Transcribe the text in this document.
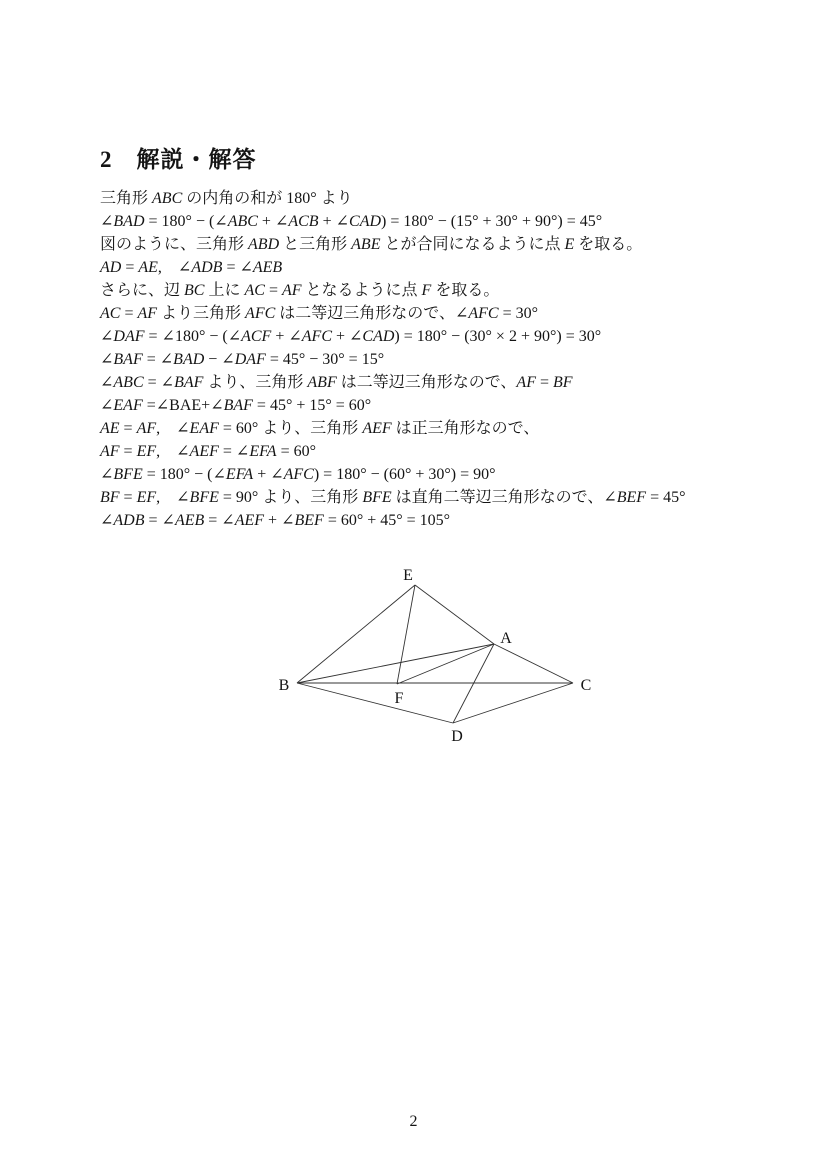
2 解説・解答
三角形 ABC の内角の和が 180° より
∠BAD = 180° − (∠ABC + ∠ACB + ∠CAD) = 180° − (15° + 30° + 90°) = 45°
図のように、三角形 ABD と三角形 ABE とが合同になるように点 E を取る。
AD = AE,　∠ADB = ∠AEB
さらに、辺 BC 上に AC = AF となるように点 F を取る。
AC = AF より三角形 AFC は二等辺三角形なので、∠AFC = 30°
∠DAF = ∠180° − (∠ACF + ∠AFC + ∠CAD) = 180° − (30° × 2 + 90°) = 30°
∠BAF = ∠BAD − ∠DAF = 45° − 30° = 15°
∠ABC = ∠BAF より、三角形 ABF は二等辺三角形なので、AF = BF
∠EAF =∠BAE+∠BAF = 45° + 15° = 60°
AE = AF,　∠EAF = 60° より、三角形 AEF は正三角形なので、
AF = EF,　∠AEF = ∠EFA = 60°
∠BFE = 180° − (∠EFA + ∠AFC) = 180° − (60° + 30°) = 90°
BF = EF,　∠BFE = 90° より、三角形 BFE は直角二等辺三角形なので、∠BEF = 45°
∠ADB = ∠AEB = ∠AEF + ∠BEF = 60° + 45° = 105°
E
A
B	C
F
D
2
